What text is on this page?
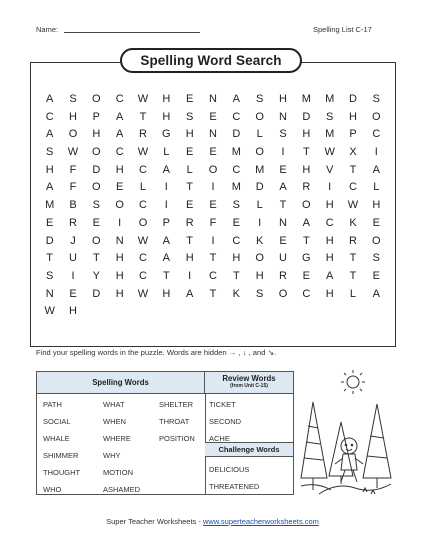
Name:	Spelling List C-17
Spelling Word Search
A	S	O	C	W	H	E	N	A	S	H	M	M	D	S
C	H	P	A	T	H	S	E	C	O	N	D	S	H	O
A	O	H	A	R	G	H	N	D	L	S	H	M	P	C
S	W	O	C	W	L	E	E	M	O	I	T	W	X	I
H	F	D	H	C	A	L	O	C	M	E	H	V	T	A
A	F	O	E	L	I	T	I	M	D	A	R	I	C	L
M	B	S	O	C	I	E	E	S	L	T	O	H	W	H
E	R	E	I	O	P	R	F	E	I	N	A	C	K	E
D	J	O	N	W	A	T	I	C	K	E	T	H	R	O
T	U	T	H	C	A	H	T	H	O	U	G	H	T	S
S	I	Y	H	C	T	I	C	T	H	R	E	A	T	E
N	E	D	H	W	H	A	T	K	S	O	C	H	L	A
W	H
Find your spelling words in the puzzle. Words are hidden → , ↓ , and ↘.
Spelling Words	Review Words
(from Unit C-15)
Challenge Words
PATH
SOCIAL
WHALE
SHIMMER
THOUGHT
WHO
WHAT
WHEN
WHERE
WHY
MOTION
ASHAMED
SHELTER
THROAT
POSITION
TICKET
SECOND
ACHE
DELICIOUS
THREATENED
Super Teacher Worksheets - www.superteacherworksheets.com
